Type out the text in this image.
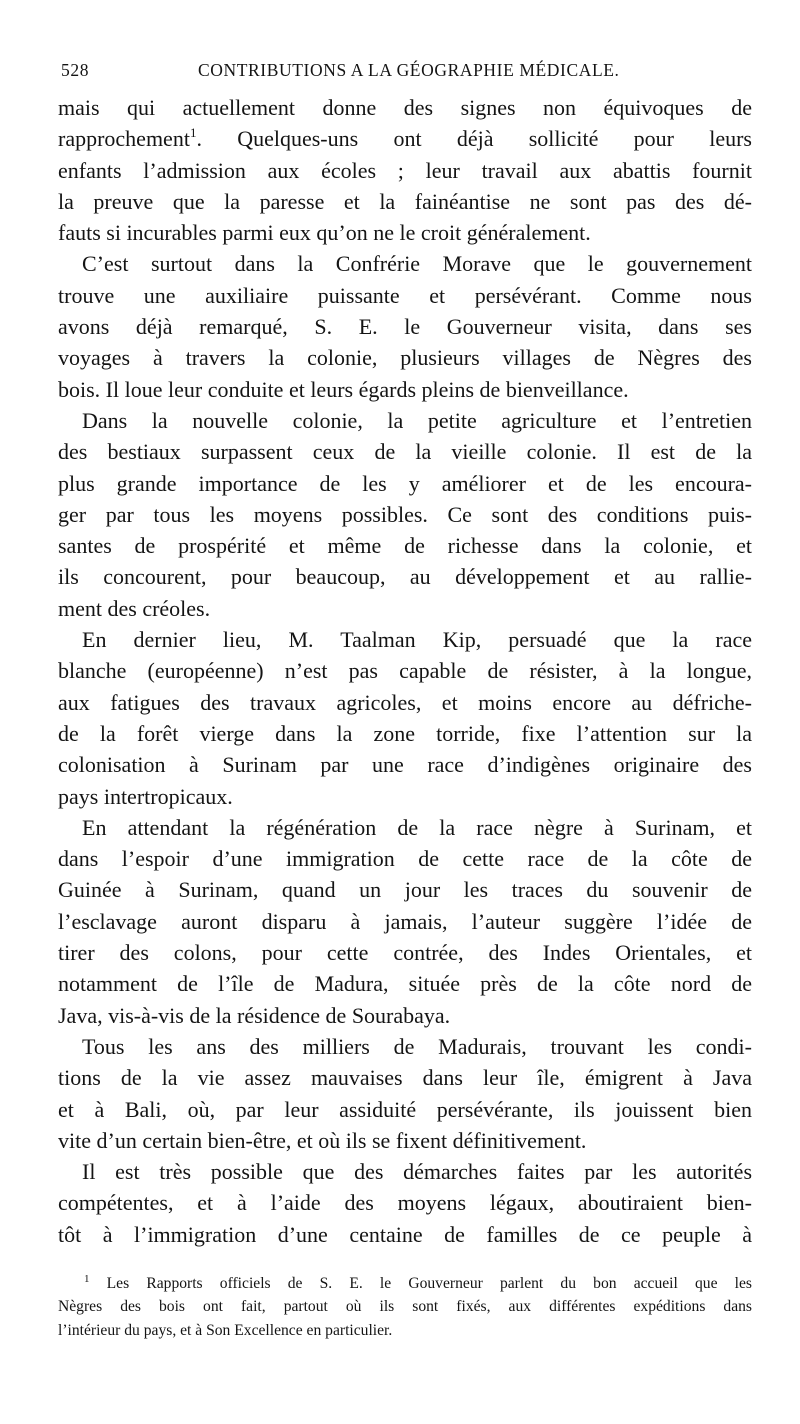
528	CONTRIBUTIONS A LA GÉOGRAPHIE MÉDICALE.
mais qui actuellement donne des signes non équivoques de
rapprochement$^1$. Quelques-uns ont déjà sollicité pour leurs
enfants l’admission aux écoles ; leur travail aux abattis fournit
la preuve que la paresse et la fainéantise ne sont pas des dé-
fauts si incurables parmi eux qu’on ne le croit généralement.
C’est surtout dans la Confrérie Morave que le gouvernement
trouve une auxiliaire puissante et persévérant. Comme nous
avons déjà remarqué, S. E. le Gouverneur visita, dans ses
voyages à travers la colonie, plusieurs villages de Nègres des
bois. Il loue leur conduite et leurs égards pleins de bienveillance.
Dans la nouvelle colonie, la petite agriculture et l’entretien
des bestiaux surpassent ceux de la vieille colonie. Il est de la
plus grande importance de les y améliorer et de les encoura-
ger par tous les moyens possibles. Ce sont des conditions puis-
santes de prospérité et même de richesse dans la colonie, et
ils concourent, pour beaucoup, au développement et au rallie-
ment des créoles.
En dernier lieu, M. Taalman Kip, persuadé que la race
blanche (européenne) n’est pas capable de résister, à la longue,
aux fatigues des travaux agricoles, et moins encore au défriche-
de la forêt vierge dans la zone torride, fixe l’attention sur la
colonisation à Surinam par une race d’indigènes originaire des
pays intertropicaux.
En attendant la régénération de la race nègre à Surinam, et
dans l’espoir d’une immigration de cette race de la côte de
Guinée à Surinam, quand un jour les traces du souvenir de
l’esclavage auront disparu à jamais, l’auteur suggère l’idée de
tirer des colons, pour cette contrée, des Indes Orientales, et
notamment de l’île de Madura, située près de la côte nord de
Java, vis-à-vis de la résidence de Sourabaya.
Tous les ans des milliers de Madurais, trouvant les condi-
tions de la vie assez mauvaises dans leur île, émigrent à Java
et à Bali, où, par leur assiduité persévérante, ils jouissent bien
vite d’un certain bien-être, et où ils se fixent définitivement.
Il est très possible que des démarches faites par les autorités
compétentes, et à l’aide des moyens légaux, aboutiraient bien-
tôt à l’immigration d’une centaine de familles de ce peuple à
$^1$ Les Rapports officiels de S. E. le Gouverneur parlent du bon accueil que les
Nègres des bois ont fait, partout où ils sont fixés, aux différentes expéditions dans
l’intérieur du pays, et à Son Excellence en particulier.
